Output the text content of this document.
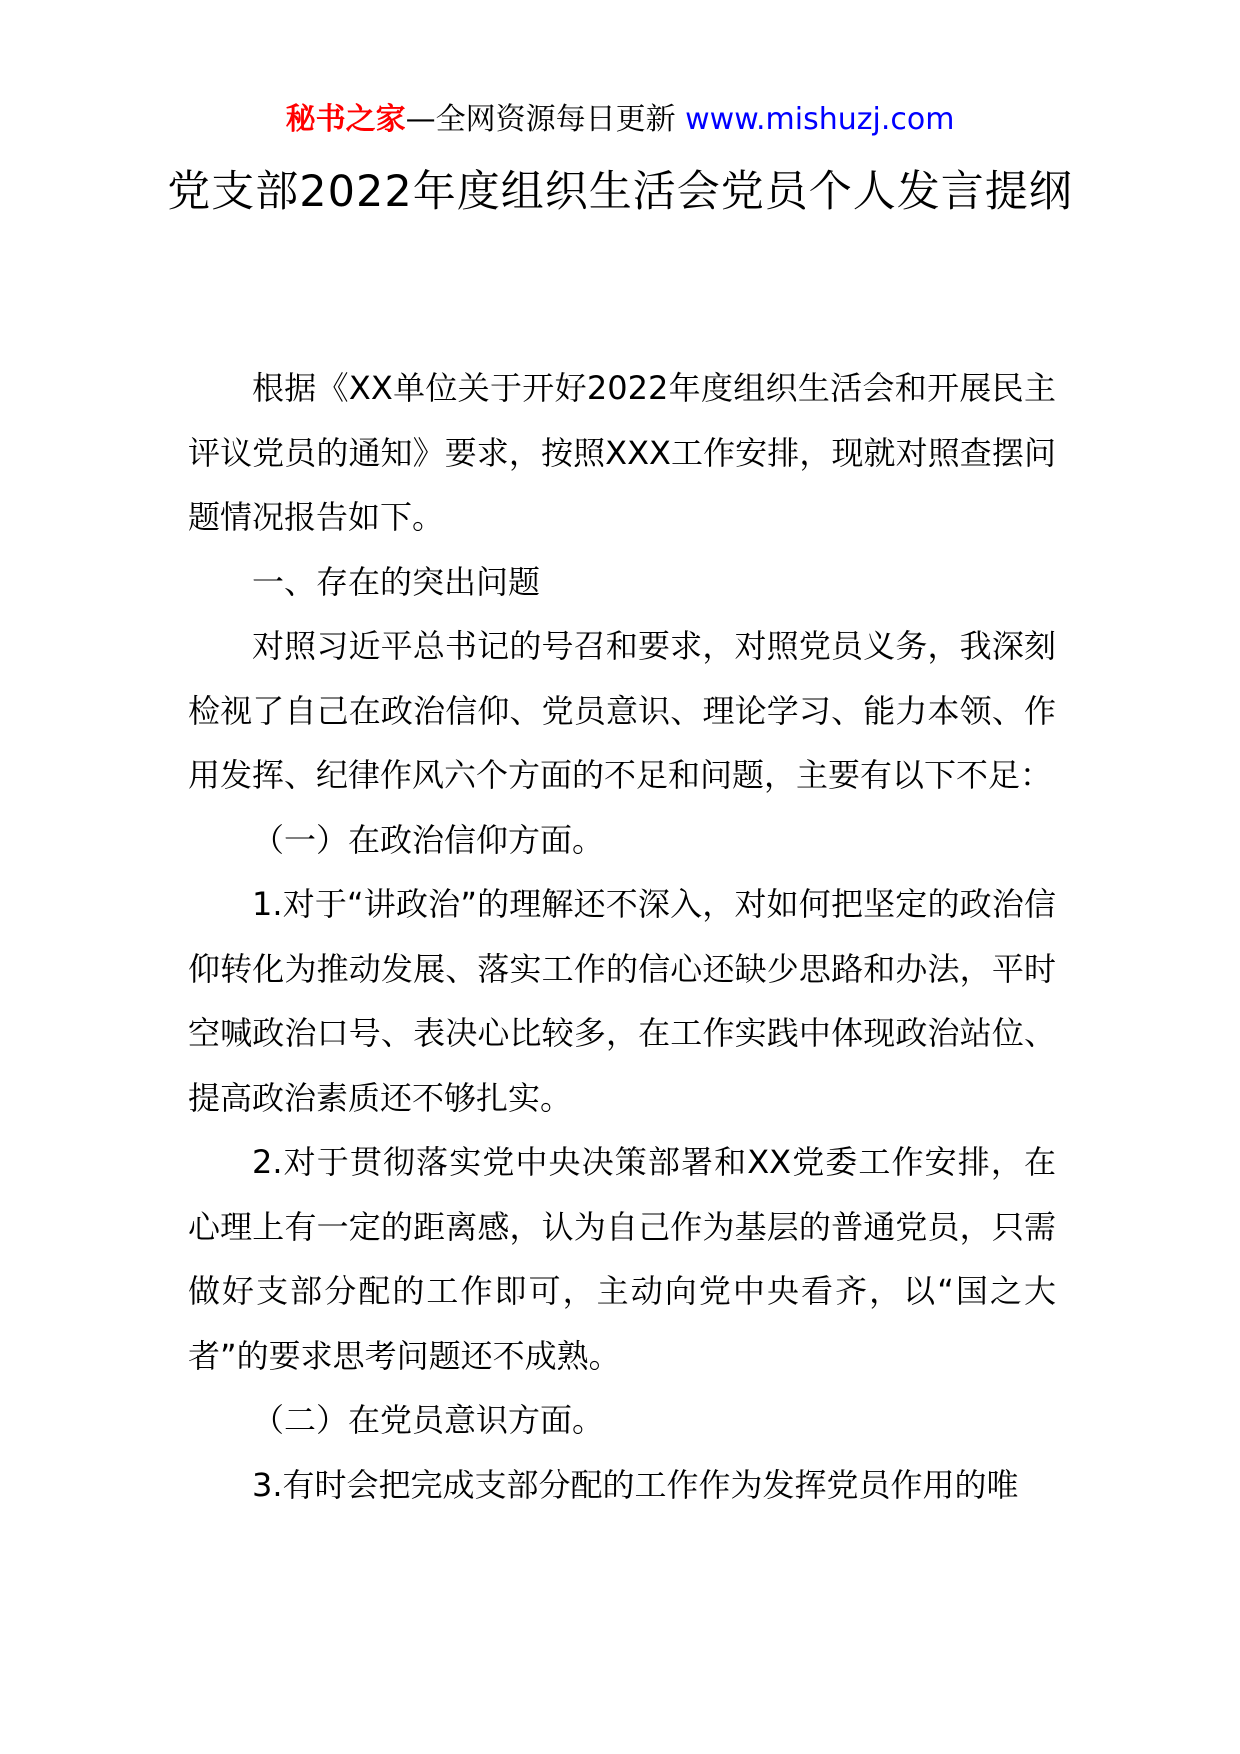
秘书之家—全网资源每日更新 www.mishuzj.com
党支部2022年度组织生活会党员个人发言提纲

根据《XX单位关于开好2022年度组织生活会和开展民主评议党员的通知》要求，按照XXX工作安排，现就对照查摆问题情况报告如下。

一、存在的突出问题

对照习近平总书记的号召和要求，对照党员义务，我深刻检视了自己在政治信仰、党员意识、理论学习、能力本领、作用发挥、纪律作风六个方面的不足和问题，主要有以下不足：

（一）在政治信仰方面。

1.对于“讲政治”的理解还不深入，对如何把坚定的政治信仰转化为推动发展、落实工作的信心还缺少思路和办法，平时空喊政治口号、表决心比较多，在工作实践中体现政治站位、提高政治素质还不够扎实。

2.对于贯彻落实党中央决策部署和XX党委工作安排，在心理上有一定的距离感，认为自己作为基层的普通党员，只需做好支部分配的工作即可，主动向党中央看齐，以“国之大者”的要求思考问题还不成熟。

（二）在党员意识方面。

3.有时会把完成支部分配的工作作为发挥党员作用的唯
